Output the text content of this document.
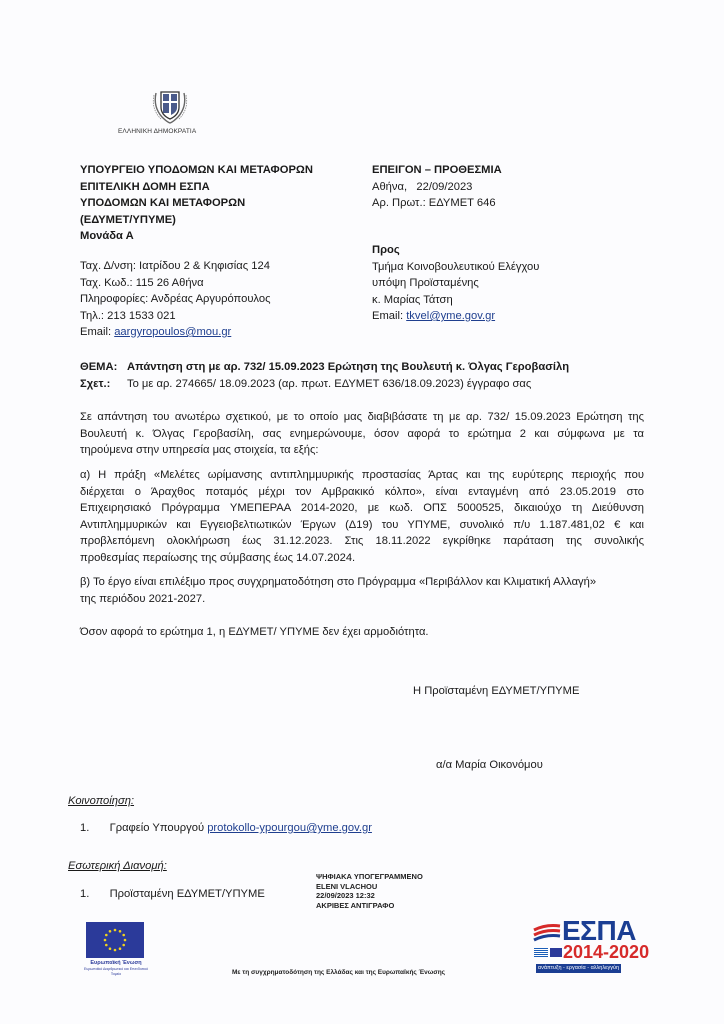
ΕΛΛΗΝΙΚΗ ΔΗΜΟΚΡΑΤΙΑ
ΥΠΟΥΡΓΕΙΟ ΥΠΟΔΟΜΩΝ ΚΑΙ ΜΕΤΑΦΟΡΩΝ
ΕΠΙΤΕΛΙΚΗ ΔΟΜΗ ΕΣΠΑ
ΥΠΟΔΟΜΩΝ ΚΑΙ ΜΕΤΑΦΟΡΩΝ
(ΕΔΥΜΕΤ/ΥΠΥΜΕ)
Μονάδα Α
Ταχ. Δ/νση: Ιατρίδου 2 & Κηφισίας 124
Ταχ. Κωδ.: 115 26 Αθήνα
Πληροφορίες: Ανδρέας Αργυρόπουλος
Τηλ.: 213 1533 021
Email: aargyropoulos@mou.gr
ΕΠΕΙΓΟΝ – ΠΡΟΘΕΣΜΙΑ
Αθήνα,   22/09/2023
Αρ. Πρωτ.: ΕΔΥΜΕΤ 646
Προς
Τμήμα Κοινοβουλευτικού Ελέγχου
υπόψη Προϊσταμένης
κ. Μαρίας Τάτση
Email: tkvel@yme.gov.gr
ΘΕΜΑ: Απάντηση στη με αρ. 732/ 15.09.2023 Ερώτηση της Βουλευτή κ. Όλγας Γεροβασίλη
Σχετ.: Το με αρ. 274665/ 18.09.2023 (αρ. πρωτ. ΕΔΥΜΕΤ 636/18.09.2023) έγγραφο σας
Σε απάντηση του ανωτέρω σχετικού, με το οποίο μας διαβιβάσατε τη με αρ. 732/ 15.09.2023 Ερώτηση της
Βουλευτή κ. Όλγας Γεροβασίλη, σας ενημερώνουμε, όσον αφορά το ερώτημα 2 και σύμφωνα με τα
τηρούμενα στην υπηρεσία μας στοιχεία, τα εξής:
α) Η πράξη «Μελέτες ωρίμανσης αντιπλημμυρικής προστασίας Άρτας και της ευρύτερης περιοχής που
διέρχεται ο Άραχθος ποταμός μέχρι τον Αμβρακικό κόλπο», είναι ενταγμένη από 23.05.2019 στο
Επιχειρησιακό Πρόγραμμα ΥΜΕΠΕΡΑΑ 2014-2020, με κωδ. ΟΠΣ 5000525, δικαιούχο τη Διεύθυνση
Αντιπλημμυρικών και Εγγειοβελτιωτικών Έργων (Δ19) του ΥΠΥΜΕ, συνολικό π/υ 1.187.481,02 € και
προβλεπόμενη ολοκλήρωση έως 31.12.2023. Στις 18.11.2022 εγκρίθηκε παράταση της συνολικής
προθεσμίας περαίωσης της σύμβασης έως 14.07.2024.
β) Το έργο είναι επιλέξιμο προς συγχρηματοδότηση στο Πρόγραμμα «Περιβάλλον και Κλιματική Αλλαγή»
της περιόδου 2021-2027.
Όσον αφορά το ερώτημα 1, η ΕΔΥΜΕΤ/ ΥΠΥΜΕ δεν έχει αρμοδιότητα.
Η Προϊσταμένη ΕΔΥΜΕΤ/ΥΠΥΜΕ
α/α Μαρία Οικονόμου
Κοινοποίηση:
1. Γραφείο Υπουργού protokollo-ypourgou@yme.gov.gr
Εσωτερική Διανομή:
1. Προϊσταμένη ΕΔΥΜΕΤ/ΥΠΥΜΕ
ΨΗΦΙΑΚΑ ΥΠΟΓΕΓΡΑΜΜΕΝΟ
ELENI VLACHOU
22/09/2023 12:32
ΑΚΡΙΒΕΣ ΑΝΤΙΓΡΑΦΟ
Ευρωπαϊκή Ένωση
Ευρωπαϊκό Διαρθρωτικό και Επενδυτικό Ταμείο	Με τη συγχρηματοδότηση της Ελλάδας και της Ευρωπαϊκής Ένωσης
ΕΣΠΑ
2014-2020
ανάπτυξη - εργασία - αλληλεγγύη
